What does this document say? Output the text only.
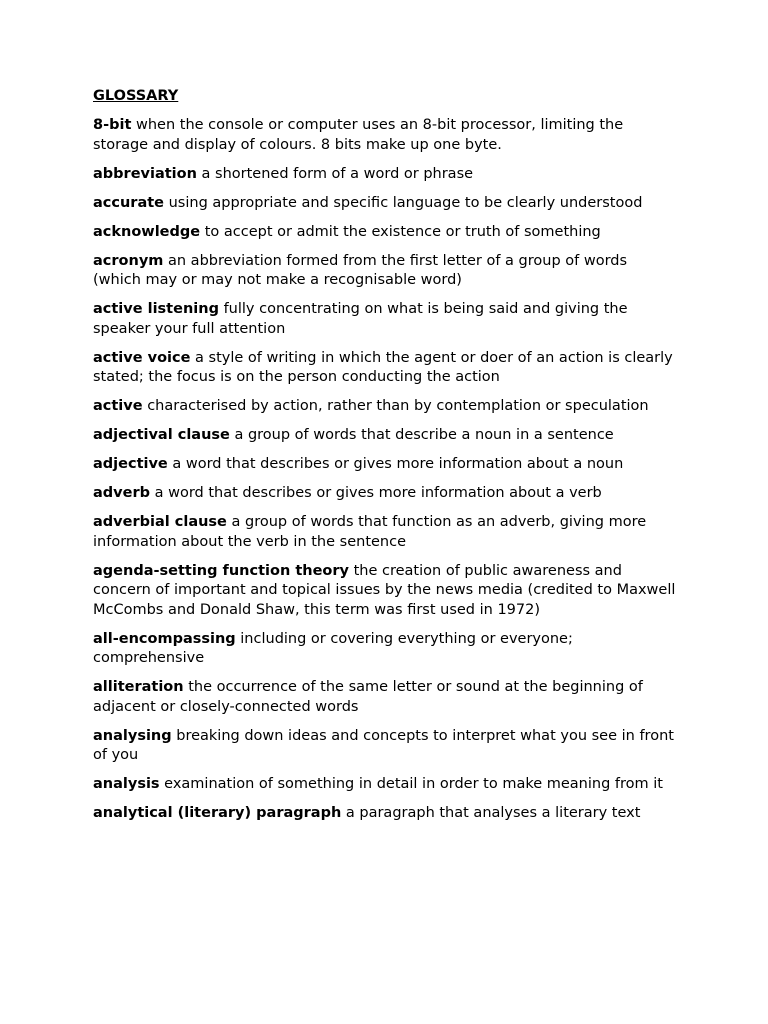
GLOSSARY
8-bit when the console or computer uses an 8-bit processor, limiting the storage and display of colours. 8 bits make up one byte.
abbreviation a shortened form of a word or phrase
accurate using appropriate and specific language to be clearly understood
acknowledge to accept or admit the existence or truth of something
acronym an abbreviation formed from the first letter of a group of words (which may or may not make a recognisable word)
active listening fully concentrating on what is being said and giving the speaker your full attention
active voice a style of writing in which the agent or doer of an action is clearly stated; the focus is on the person conducting the action
active characterised by action, rather than by contemplation or speculation
adjectival clause a group of words that describe a noun in a sentence
adjective a word that describes or gives more information about a noun
adverb a word that describes or gives more information about a verb
adverbial clause a group of words that function as an adverb, giving more information about the verb in the sentence
agenda-setting function theory the creation of public awareness and concern of important and topical issues by the news media (credited to Maxwell McCombs and Donald Shaw, this term was first used in 1972)
all-encompassing including or covering everything or everyone; comprehensive
alliteration the occurrence of the same letter or sound at the beginning of adjacent or closely-connected words
analysing breaking down ideas and concepts to interpret what you see in front of you
analysis examination of something in detail in order to make meaning from it
analytical (literary) paragraph a paragraph that analyses a literary text
